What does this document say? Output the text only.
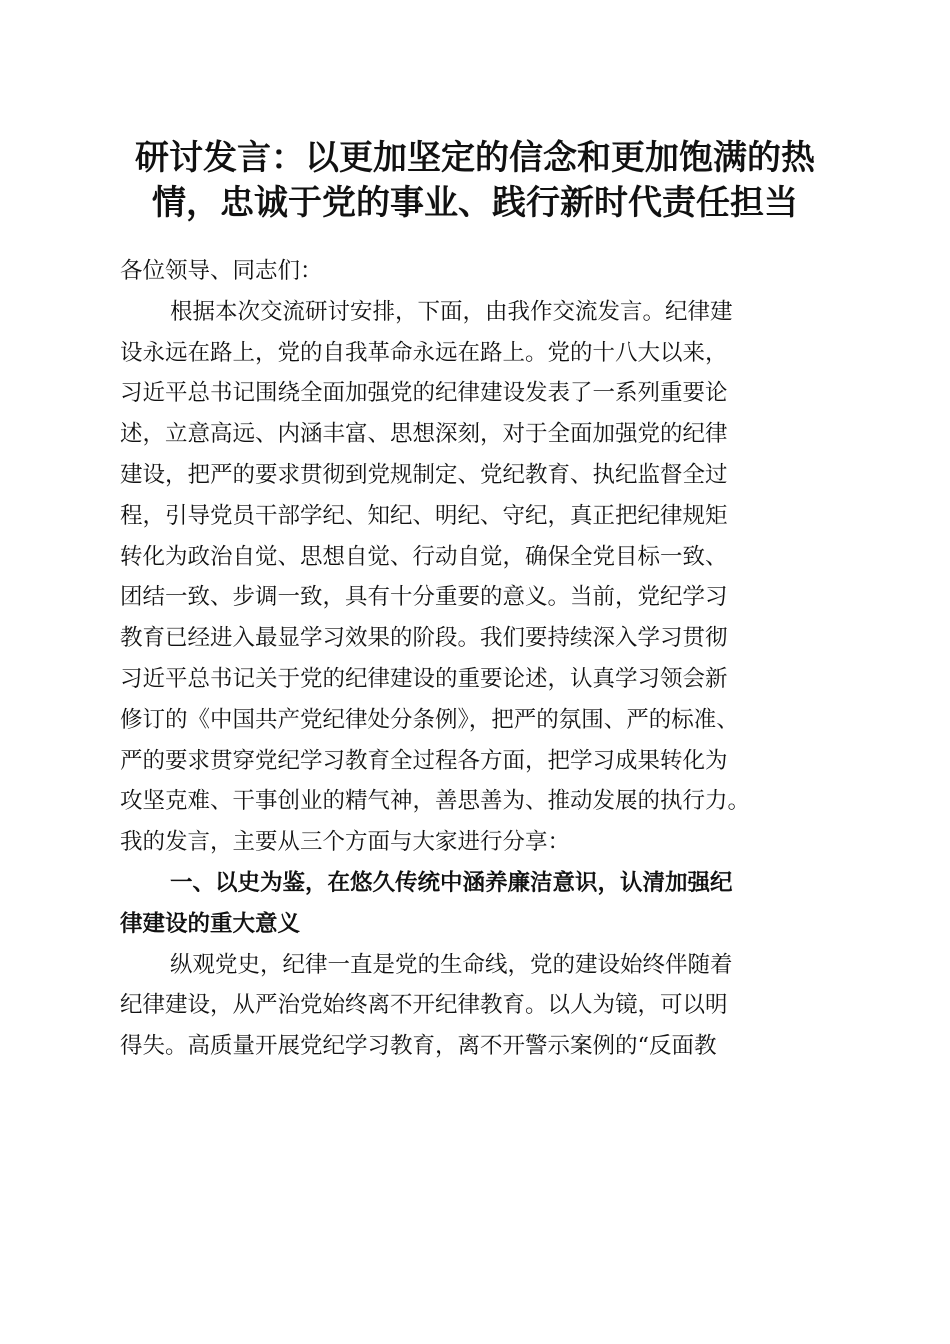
研讨发言：以更加坚定的信念和更加饱满的热
情，忠诚于党的事业、践行新时代责任担当
各位领导、同志们：
根据本次交流研讨安排，下面，由我作交流发言。纪律建
设永远在路上，党的自我革命永远在路上。党的十八大以来，
习近平总书记围绕全面加强党的纪律建设发表了一系列重要论
述，立意高远、内涵丰富、思想深刻，对于全面加强党的纪律
建设，把严的要求贯彻到党规制定、党纪教育、执纪监督全过
程，引导党员干部学纪、知纪、明纪、守纪，真正把纪律规矩
转化为政治自觉、思想自觉、行动自觉，确保全党目标一致、
团结一致、步调一致，具有十分重要的意义。当前，党纪学习
教育已经进入最显学习效果的阶段。我们要持续深入学习贯彻
习近平总书记关于党的纪律建设的重要论述，认真学习领会新
修订的《中国共产党纪律处分条例》，把严的氛围、严的标准、
严的要求贯穿党纪学习教育全过程各方面，把学习成果转化为
攻坚克难、干事创业的精气神，善思善为、推动发展的执行力。
我的发言，主要从三个方面与大家进行分享：
一、以史为鉴，在悠久传统中涵养廉洁意识，认清加强纪
律建设的重大意义
纵观党史，纪律一直是党的生命线，党的建设始终伴随着
纪律建设，从严治党始终离不开纪律教育。以人为镜，可以明
得失。高质量开展党纪学习教育，离不开警示案例的“反面教
